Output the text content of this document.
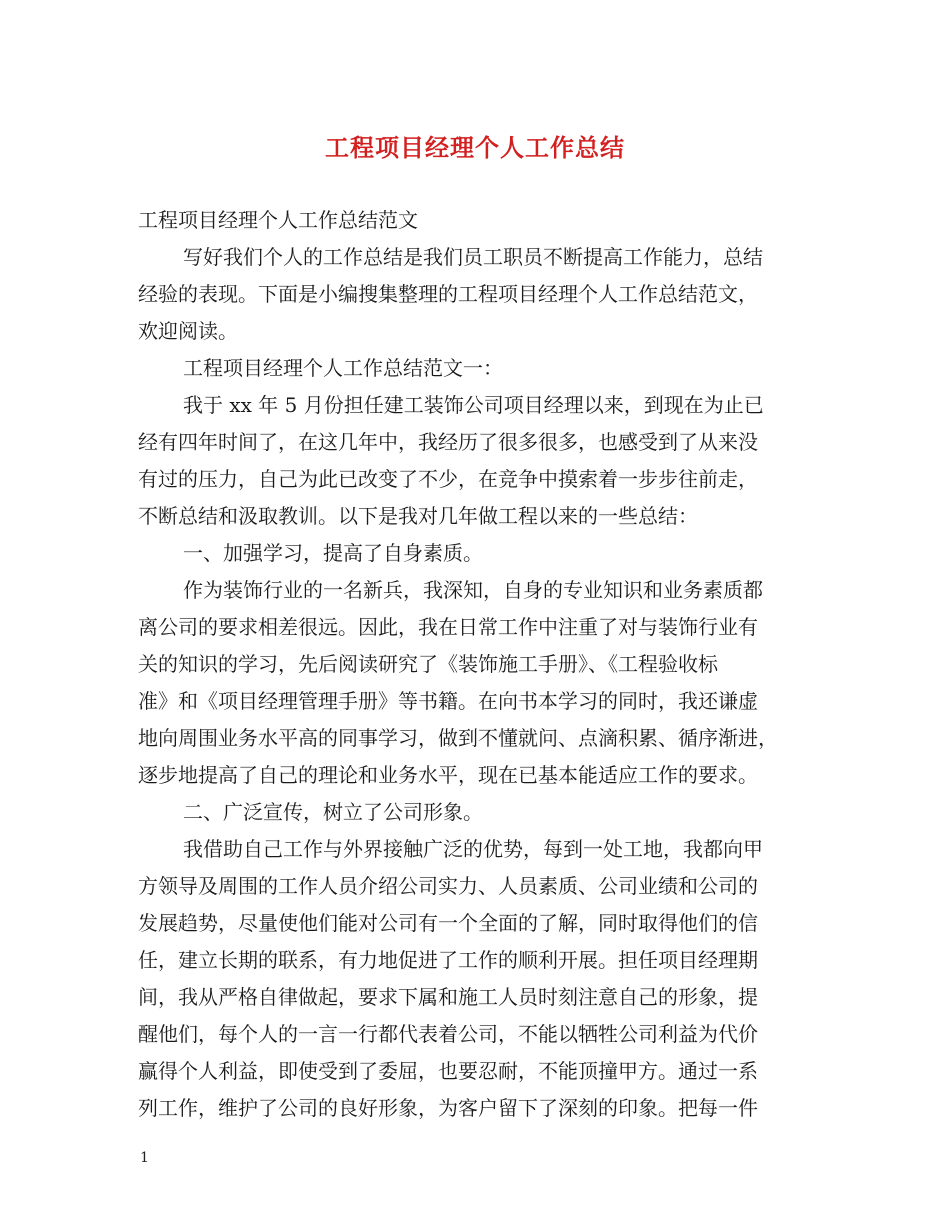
工程项目经理个人工作总结
工程项目经理个人工作总结范文
写好我们个人的工作总结是我们员工职员不断提高工作能力，总结
经验的表现。下面是小编搜集整理的工程项目经理个人工作总结范文，
欢迎阅读。
工程项目经理个人工作总结范文一：
我于 xx 年 5 月份担任建工装饰公司项目经理以来，到现在为止已
经有四年时间了，在这几年中，我经历了很多很多，也感受到了从来没
有过的压力，自己为此已改变了不少，在竞争中摸索着一步步往前走，
不断总结和汲取教训。以下是我对几年做工程以来的一些总结：
一、加强学习，提高了自身素质。
作为装饰行业的一名新兵，我深知，自身的专业知识和业务素质都
离公司的要求相差很远。因此，我在日常工作中注重了对与装饰行业有
关的知识的学习，先后阅读研究了《装饰施工手册》、《工程验收标
准》和《项目经理管理手册》等书籍。在向书本学习的同时，我还谦虚
地向周围业务水平高的同事学习，做到不懂就问、点滴积累、循序渐进，
逐步地提高了自己的理论和业务水平，现在已基本能适应工作的要求。
二、广泛宣传，树立了公司形象。
我借助自己工作与外界接触广泛的优势，每到一处工地，我都向甲
方领导及周围的工作人员介绍公司实力、人员素质、公司业绩和公司的
发展趋势，尽量使他们能对公司有一个全面的了解，同时取得他们的信
任，建立长期的联系，有力地促进了工作的顺利开展。担任项目经理期
间，我从严格自律做起，要求下属和施工人员时刻注意自己的形象，提
醒他们，每个人的一言一行都代表着公司，不能以牺牲公司利益为代价
赢得个人利益，即使受到了委屈，也要忍耐，不能顶撞甲方。通过一系
列工作，维护了公司的良好形象，为客户留下了深刻的印象。把每一件
1
